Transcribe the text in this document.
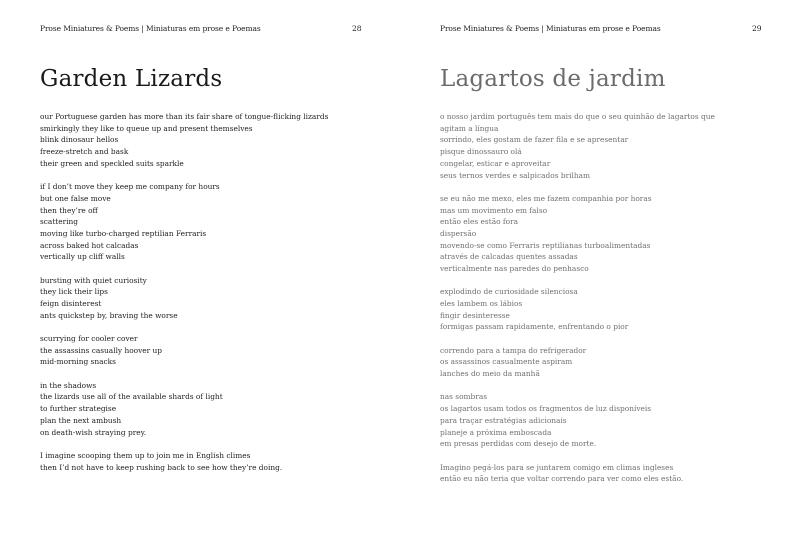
Prose Miniatures & Poems | Miniaturas em prose e Poemas	28
Garden Lizards
our Portuguese garden has more than its fair share of tongue-flicking lizards
smirkingly they like to queue up and present themselves
blink dinosaur hellos
freeze-stretch and bask
their green and speckled suits sparkle
if I don’t move they keep me company for hours
but one false move
then they’re off
scattering
moving like turbo-charged reptilian Ferraris
across baked hot calcadas
vertically up cliff walls
bursting with quiet curiosity
they lick their lips
feign disinterest
ants quickstep by, braving the worse
scurrying for cooler cover
the assassins casually hoover up
mid-morning snacks
in the shadows
the lizards use all of the available shards of light
to further strategise
plan the next ambush
on death-wish straying prey.
I imagine scooping them up to join me in English climes
then I’d not have to keep rushing back to see how they’re doing.
Prose Miniatures & Poems | Miniaturas em prose e Poemas	29
Lagartos de jardim
o nosso jardim português tem mais do que o seu quinhão de lagartos que
agitam a língua
sorrindo, eles gostam de fazer fila e se apresentar
pisque dinossauro olá
congelar, esticar e aproveitar
seus ternos verdes e salpicados brilham
se eu não me mexo, eles me fazem companhia por horas
mas um movimento em falso
então eles estão fora
dispersão
movendo-se como Ferraris reptilianas turboalimentadas
através de calcadas quentes assadas
verticalmente nas paredes do penhasco
explodindo de curiosidade silenciosa
eles lambem os lábios
fingir desinteresse
formigas passam rapidamente, enfrentando o pior
correndo para a tampa do refrigerador
os assassinos casualmente aspiram
lanches do meio da manhã
nas sombras
os lagartos usam todos os fragmentos de luz disponíveis
para traçar estratégias adicionais
planeje a próxima emboscada
em presas perdidas com desejo de morte.
Imagino pegá-los para se juntarem comigo em climas ingleses
então eu não teria que voltar correndo para ver como eles estão.
